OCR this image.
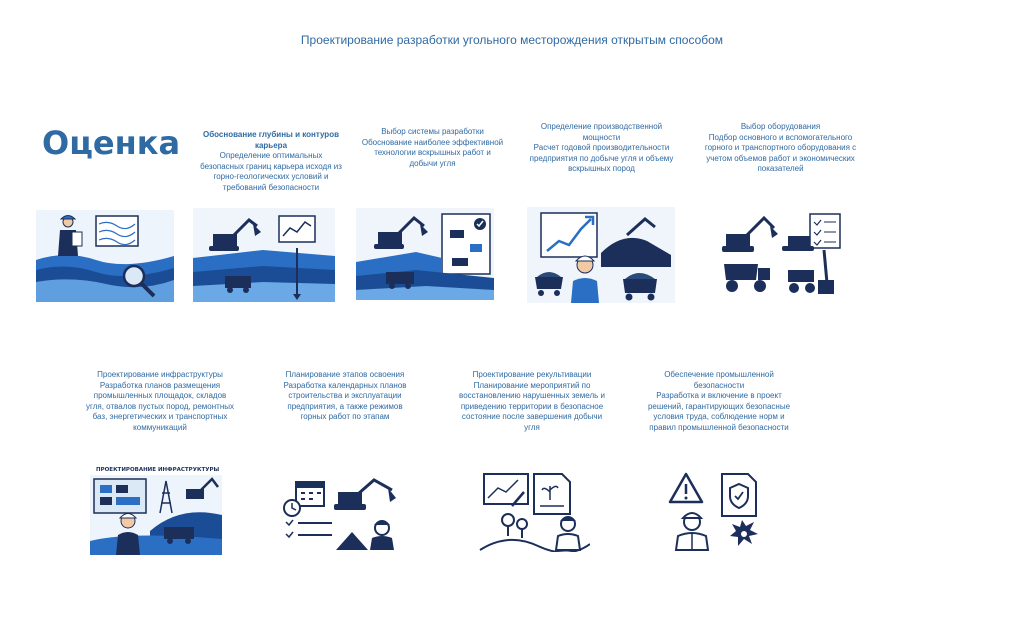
Проектирование разработки угольного месторождения открытым способом
Оценка	Обоснование глубины и контуров карьера
Определение оптимальных безопасных границ карьера исходя из горно-геологических условий и требований безопасности
Выбор системы разработки
Обоснование наиболее эффективной технологии вскрышных работ и добычи угля
Определение производственной мощности
Расчет годовой производительности предприятия по добыче угля и объему вскрышных пород
Выбор оборудования
Подбор основного и вспомогательного горного и транспортного оборудования с учетом объемов работ и экономических показателей
Проектирование инфраструктуры
Разработка планов размещения промышленных площадок, складов угля, отвалов пустых пород, ремонтных баз, энергетических и транспортных коммуникаций
Планирование этапов освоения
Разработка календарных планов строительства и эксплуатации предприятия, а также режимов горных работ по этапам
Проектирование рекультивации
Планирование мероприятий по восстановлению нарушенных земель и приведению территории в безопасное состояние после завершения добычи угля
Обеспечение промышленной безопасности
Разработка и включение в проект решений, гарантирующих безопасные условия труда, соблюдение норм и правил промышленной безопасности
ПРОЕКТИРОВАНИЕ ИНФРАСТРУКТУРЫ
